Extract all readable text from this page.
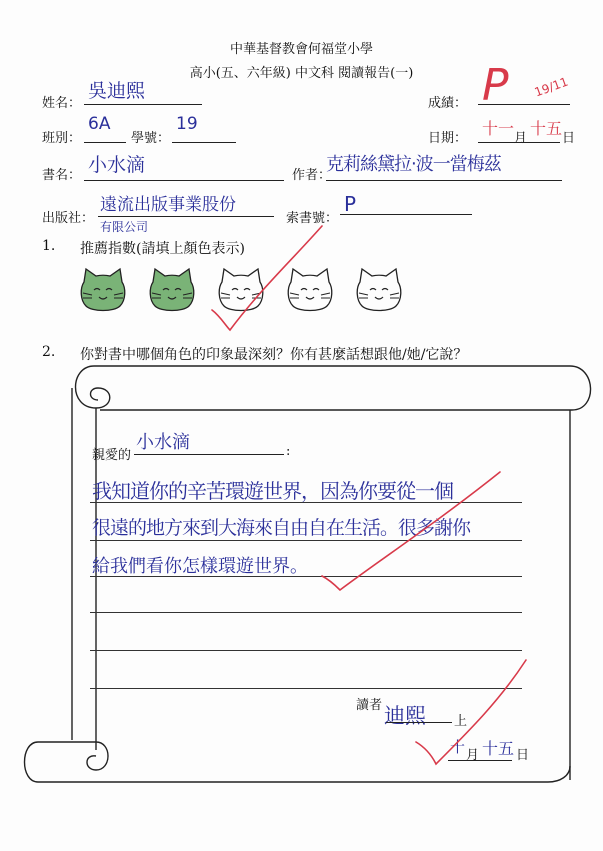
中華基督教會何福堂小學
高小(五、六年級) 中文科 閱讀報告(一)
姓名：
吳迪熙
成績： P 19/11
班別：
6A
學號：
19
日期：
十一
月
十五
日
書名： 小水滴	作者：
克莉絲黛拉‧波一當梅茲
出版社：
遠流出版事業股份
有限公司
索書號：
P
1. 推薦指數(請填上顏色表示)
2. 你對書中哪個角色的印象最深刻？你有甚麼話想跟他/她/它說？
親愛的
小水滴	:
我知道你的辛苦環遊世界，因為你要從一個
很遠的地方來到大海來自由自在生活。很多謝你
給我們看你怎樣環遊世界。
讀者 迪熙 上
十 月 十五 日
